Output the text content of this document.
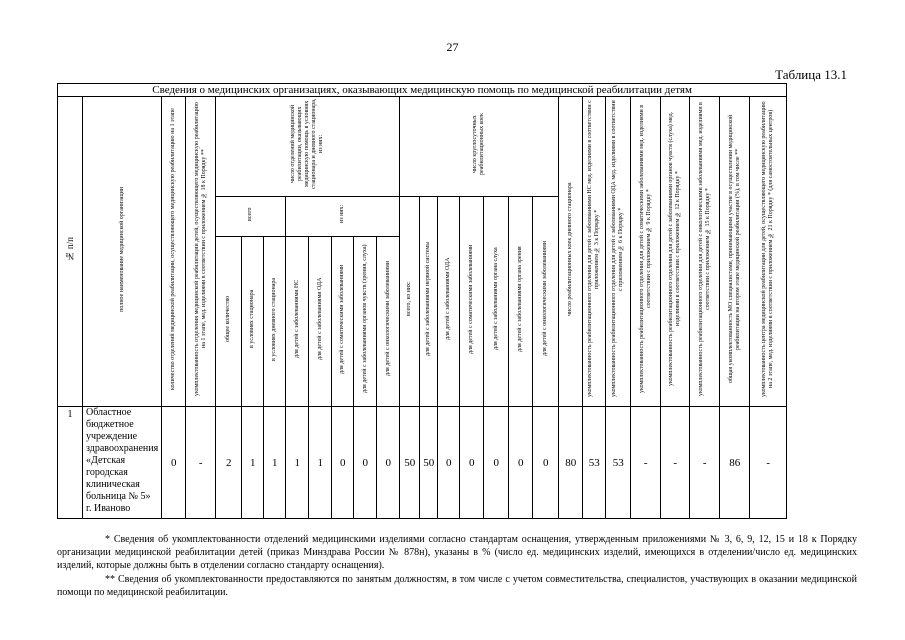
27
Таблица 13.1
Сведения о медицинских организациях, оказывающих медицинскую помощь по медицинской реабилитации детям																										
№ п/п	полное наименование медицинской организации	количество отделений медицинской реабилитации, осуществляющего медицинскую реабилитацию на 1 этапе	укомплектованность отделения медицинской реабилитации детей, осуществляющего медицинскую реабилитацию на 1 этапе, мед. изделиями в соответствии с приложением № 18 к Порядку **	число отделений медицинской реабилитации, оказывающих медицинскую помощь в условиях стационара и дневного стационара, из них:								число круглосуточных реабилитационных коек							число реабилитационных коек дневного стационара	укомплектованность реабилитационного отделения для детей с заболеваниями НС мед. изделиями в соответствии с приложением № 3 к Порядку *	укомплектованность реабилитационного отделения для детей с заболеваниями ОДА мед. изделиями в соответствии с приложением № 6 к Порядку *	укомплектованность реабилитационного отделения для детей с соматическими заболеваниями мед. изделиями в соответствии с приложением № 9 к Порядку *	укомплектованность реабилитационного отделения для детей с заболеваниями органов чувств (слуха) мед. изделиями в соответствии с приложением № 12 к Порядку *	укомплектованность реабилитационного отделения для детей с онкологическими заболеваниями мед. изделиями в соответствии с приложением № 15 к Порядку *	общая укомплектованность МО специалистами, принимающими участие в осуществлении медицинской реабилитации на втором этапе медицинской реабилитации (%), в том числе **	укомплектованность центра медицинской реабилитации для детей, осуществляющего медицинскую реабилитацию на 2 этапе, мед. изделиями в соответствии с приложением № 21 к Порядку * (для самостоятельных центров)
				всего			из них:					всего, из них:	для детей с заболеваниями нервной системы	для детей с заболеваниями ОДА	для детей с соматическими заболеваниями	для детей с заболеваниями органа слуха	для детей с заболеваниями органа зрения	для детей с онкологическими заболеваниями								
				общее количество	в условиях стационара	в условиях дневного стационара	для детей с заболеваниями НС	для детей с заболеваниями ОДА	для детей с соматическими заболеваниями	для детей с заболеваниями органов чувств (зрения, слуха)	для детей с онкологическими заболеваниями															
1	Областное бюджетное учреждение здравоохранения «Детская городская клиническая больница № 5» г. Иваново	0	-	2	1	1	1	1	0	0	0	50	50	0	0	0	0	0	80	53	53	-	-	-	86	-
* Сведения об укомплектованности отделений медицинскими изделиями согласно стандартам оснащения, утвержденным приложениями № 3, 6, 9, 12, 15 и 18 к Порядку организации медицинской реабилитации детей (приказ Минздрава России № 878н), указаны в % (число ед. медицинских изделий, имеющихся в отделении/число ед. медицинских изделий, которые должны быть в отделении согласно стандарту оснащения).
** Сведения об укомплектованности предоставляются по занятым должностям, в том числе с учетом совместительства, специалистов, участвующих в оказании медицинской помощи по медицинской реабилитации.
